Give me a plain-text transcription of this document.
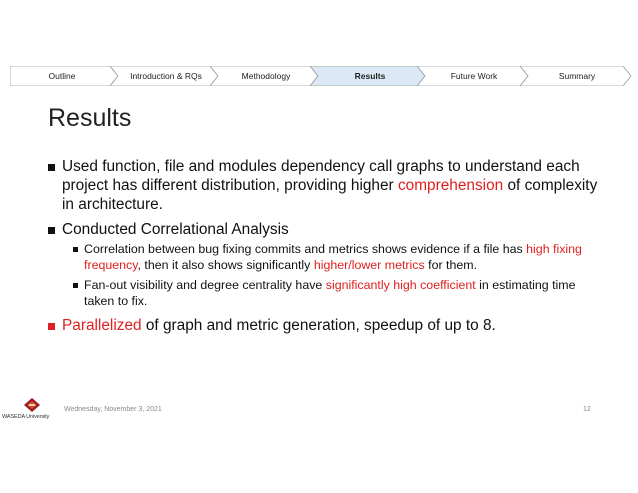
Outline	Introduction & RQs	Methodology	Results	Future Work	Summary
Results
Used function, file and modules dependency call graphs to understand each project has different distribution, providing higher comprehension of complexity in architecture.
Conducted Correlational Analysis
Correlation between bug fixing commits and metrics shows evidence if a file has high fixing frequency, then it also shows significantly higher/lower metrics for them.
Fan-out visibility and degree centrality have significantly high coefficient in estimating time taken to fix.
Parallelized of graph and metric generation, speedup of up to 8.
WASEDA University
Wednesday, November 3, 2021	12
